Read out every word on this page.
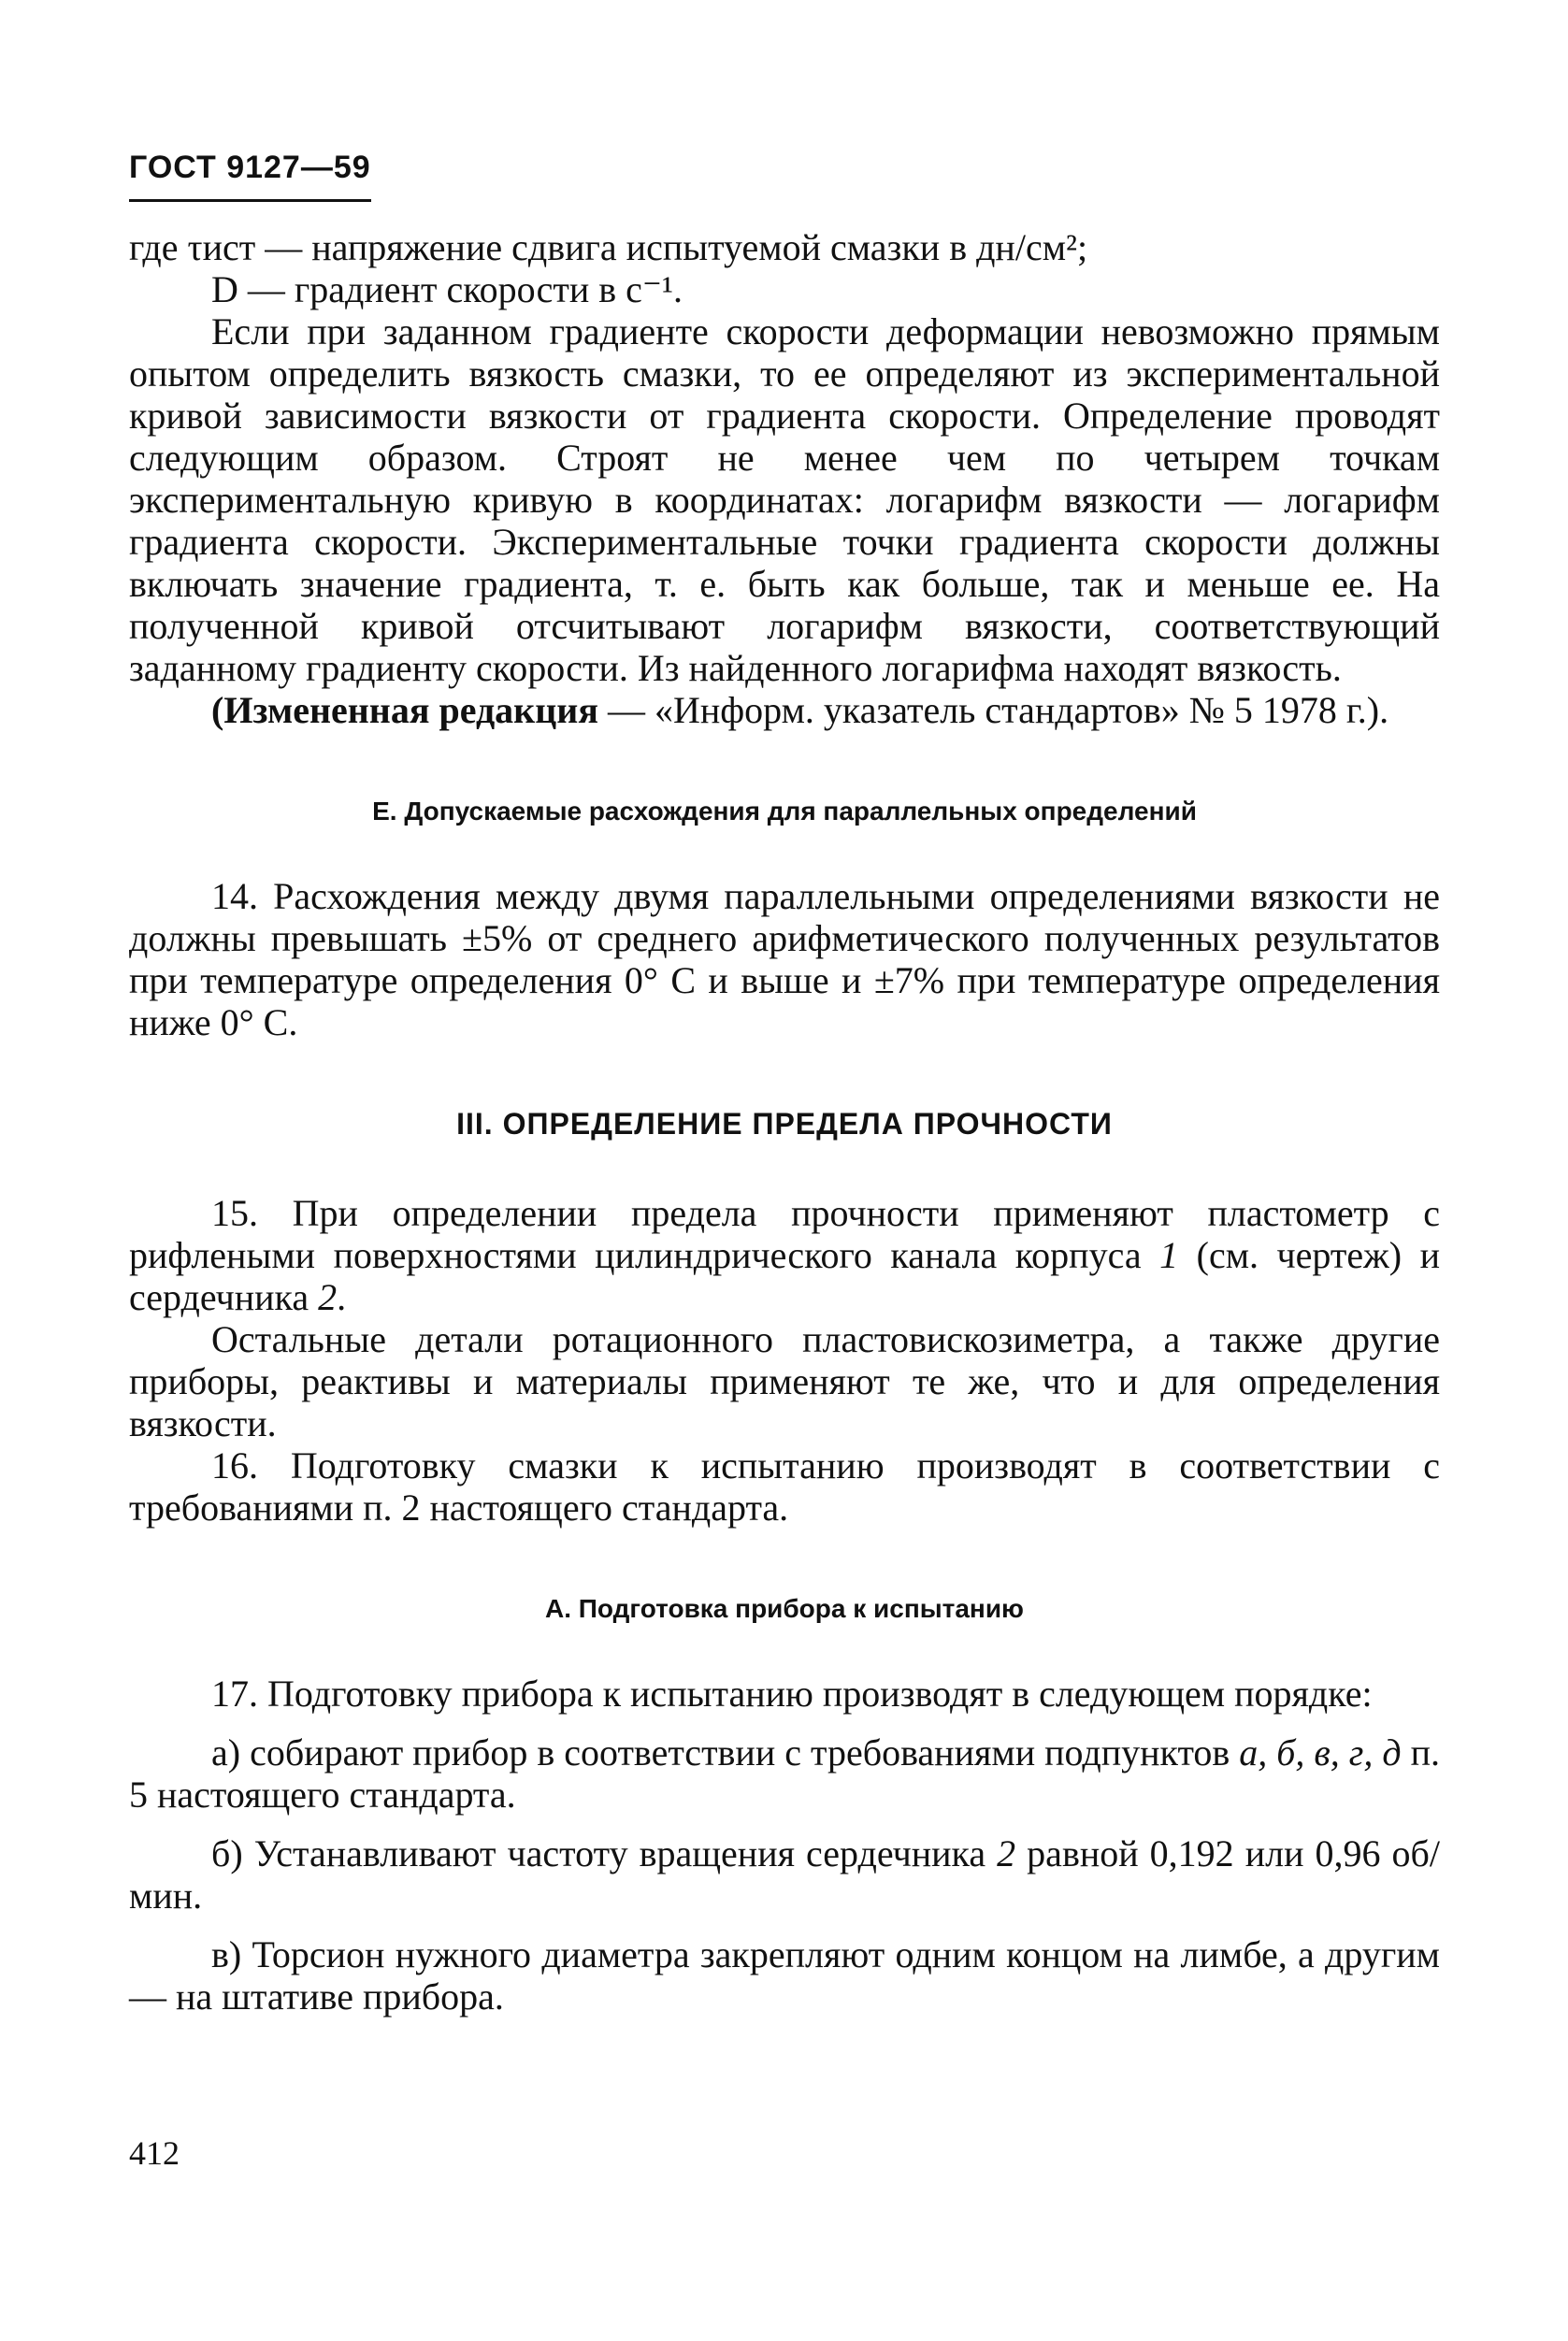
ГОСТ 9127—59

где τист — напряжение сдвига испытуемой смазки в дн/см²;

D — градиент скорости в с⁻¹.

Если при заданном градиенте скорости деформации невозможно прямым опытом определить вязкость смазки, то ее определяют из экспериментальной кривой зависимости вязкости от градиента скорости. Определение проводят следующим образом. Строят не менее чем по четырем точкам экспериментальную кривую в координатах: логарифм вязкости — логарифм градиента скорости. Экспериментальные точки градиента скорости должны включать значение градиента, т. е. быть как больше, так и меньше ее. На полученной кривой отсчитывают логарифм вязкости, соответствующий заданному градиенту скорости. Из найденного логарифма находят вязкость.

(Измененная редакция — «Информ. указатель стандартов» № 5 1978 г.).

Е. Допускаемые расхождения для параллельных определений

14. Расхождения между двумя параллельными определениями вязкости не должны превышать ±5% от среднего арифметического полученных результатов при температуре определения 0° С и выше и ±7% при температуре определения ниже 0° С.

III. ОПРЕДЕЛЕНИЕ ПРЕДЕЛА ПРОЧНОСТИ

15. При определении предела прочности применяют пластометр с рифлеными поверхностями цилиндрического канала корпуса 1 (см. чертеж) и сердечника 2.

Остальные детали ротационного пластовискозиметра, а также другие приборы, реактивы и материалы применяют те же, что и для определения вязкости.

16. Подготовку смазки к испытанию производят в соответствии с требованиями п. 2 настоящего стандарта.

А. Подготовка прибора к испытанию

17. Подготовку прибора к испытанию производят в следующем порядке:

а) собирают прибор в соответствии с требованиями подпунктов а, б, в, г, д п. 5 настоящего стандарта.

б) Устанавливают частоту вращения сердечника 2 равной 0,192 или 0,96 об/мин.

в) Торсион нужного диаметра закрепляют одним концом на лимбе, а другим — на штативе прибора.

412
